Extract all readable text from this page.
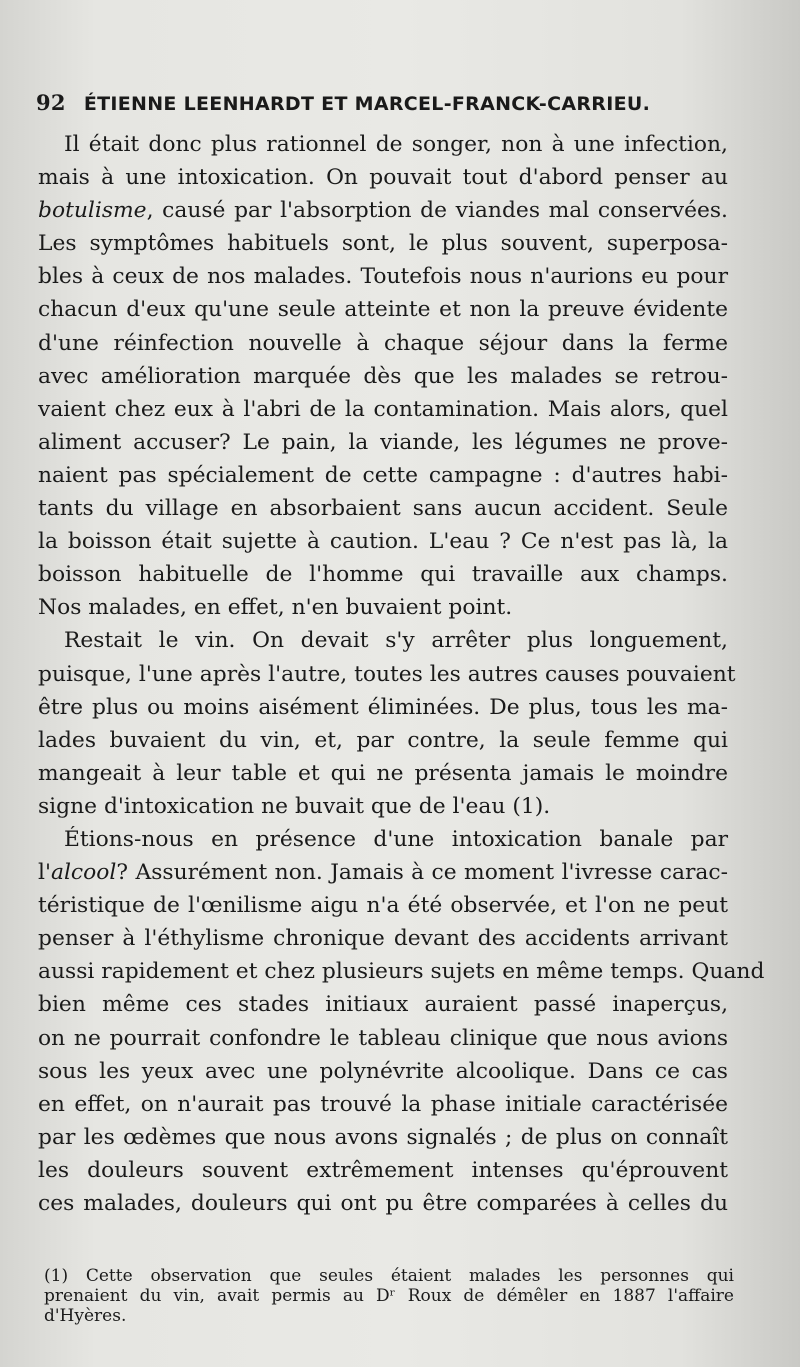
92 ÉTIENNE LEENHARDT ET MARCEL-FRANCK-CARRIEU.
Il était donc plus rationnel de songer, non à une infection,
mais à une intoxication. On pouvait tout d'abord penser au
botulisme, causé par l'absorption de viandes mal conservées.
Les symptômes habituels sont, le plus souvent, superposa-
bles à ceux de nos malades. Toutefois nous n'aurions eu pour
chacun d'eux qu'une seule atteinte et non la preuve évidente
d'une réinfection nouvelle à chaque séjour dans la ferme
avec amélioration marquée dès que les malades se retrou-
vaient chez eux à l'abri de la contamination. Mais alors, quel
aliment accuser? Le pain, la viande, les légumes ne prove-
naient pas spécialement de cette campagne : d'autres habi-
tants du village en absorbaient sans aucun accident. Seule
la boisson était sujette à caution. L'eau ? Ce n'est pas là, la
boisson habituelle de l'homme qui travaille aux champs.
Nos malades, en effet, n'en buvaient point.
Restait le vin. On devait s'y arrêter plus longuement,
puisque, l'une après l'autre, toutes les autres causes pouvaient
être plus ou moins aisément éliminées. De plus, tous les ma-
lades buvaient du vin, et, par contre, la seule femme qui
mangeait à leur table et qui ne présenta jamais le moindre
signe d'intoxication ne buvait que de l'eau (1).
Étions-nous en présence d'une intoxication banale par
l'alcool? Assurément non. Jamais à ce moment l'ivresse carac-
téristique de l'œnilisme aigu n'a été observée, et l'on ne peut
penser à l'éthylisme chronique devant des accidents arrivant
aussi rapidement et chez plusieurs sujets en même temps. Quand
bien même ces stades initiaux auraient passé inaperçus,
on ne pourrait confondre le tableau clinique que nous avions
sous les yeux avec une polynévrite alcoolique. Dans ce cas
en effet, on n'aurait pas trouvé la phase initiale caractérisée
par les œdèmes que nous avons signalés ; de plus on connaît
les douleurs souvent extrêmement intenses qu'éprouvent
ces malades, douleurs qui ont pu être comparées à celles du
(1) Cette observation que seules étaient malades les personnes qui
prenaient du vin, avait permis au Dʳ Roux de démêler en 1887 l'affaire
d'Hyères.
